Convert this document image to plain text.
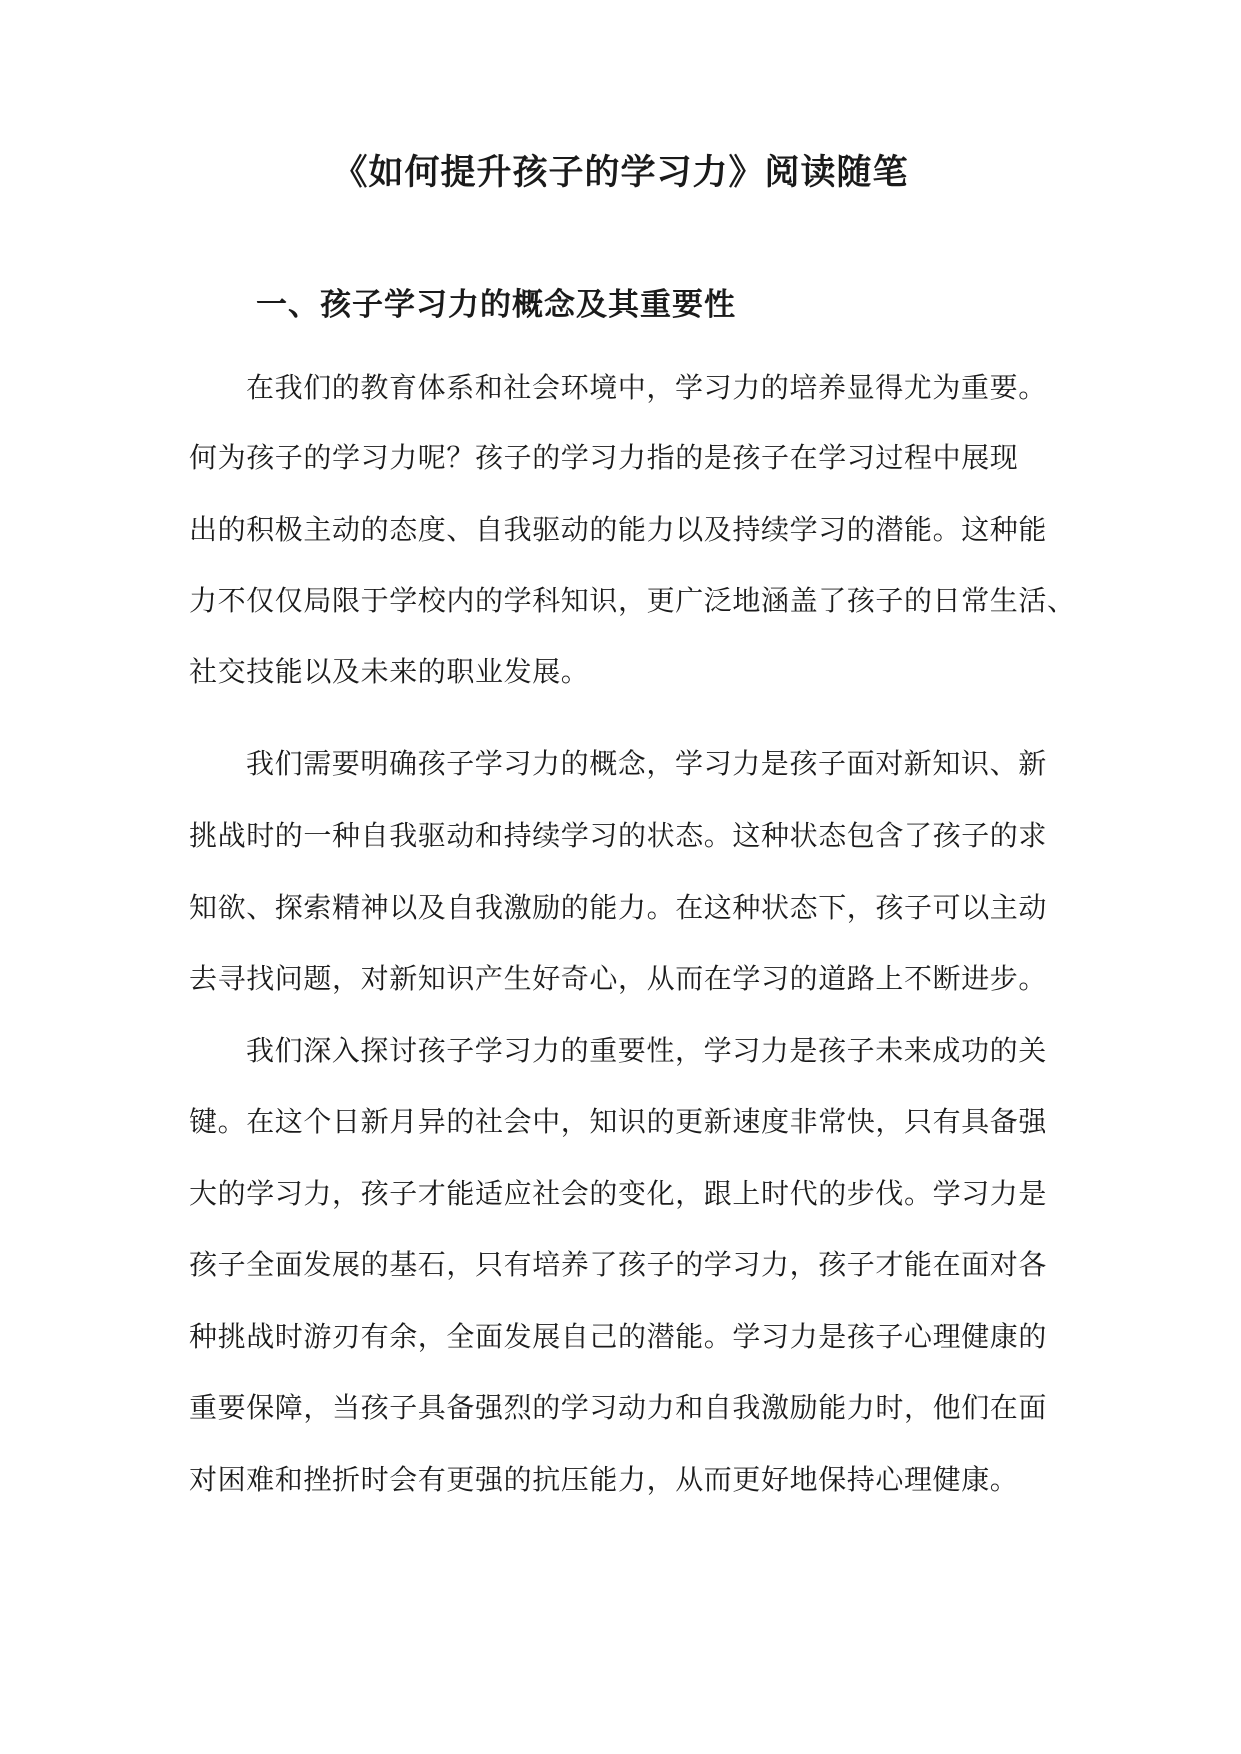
《如何提升孩子的学习力》阅读随笔
一、孩子学习力的概念及其重要性

在我们的教育体系和社会环境中，学习力的培养显得尤为重要。

何为孩子的学习力呢？孩子的学习力指的是孩子在学习过程中展现

出的积极主动的态度、自我驱动的能力以及持续学习的潜能。这种能

力不仅仅局限于学校内的学科知识，更广泛地涵盖了孩子的日常生活、

社交技能以及未来的职业发展。

我们需要明确孩子学习力的概念，学习力是孩子面对新知识、新

挑战时的一种自我驱动和持续学习的状态。这种状态包含了孩子的求

知欲、探索精神以及自我激励的能力。在这种状态下，孩子可以主动

去寻找问题，对新知识产生好奇心，从而在学习的道路上不断进步。

我们深入探讨孩子学习力的重要性，学习力是孩子未来成功的关

键。在这个日新月异的社会中，知识的更新速度非常快，只有具备强

大的学习力，孩子才能适应社会的变化，跟上时代的步伐。学习力是

孩子全面发展的基石，只有培养了孩子的学习力，孩子才能在面对各

种挑战时游刃有余，全面发展自己的潜能。学习力是孩子心理健康的

重要保障，当孩子具备强烈的学习动力和自我激励能力时，他们在面

对困难和挫折时会有更强的抗压能力，从而更好地保持心理健康。
